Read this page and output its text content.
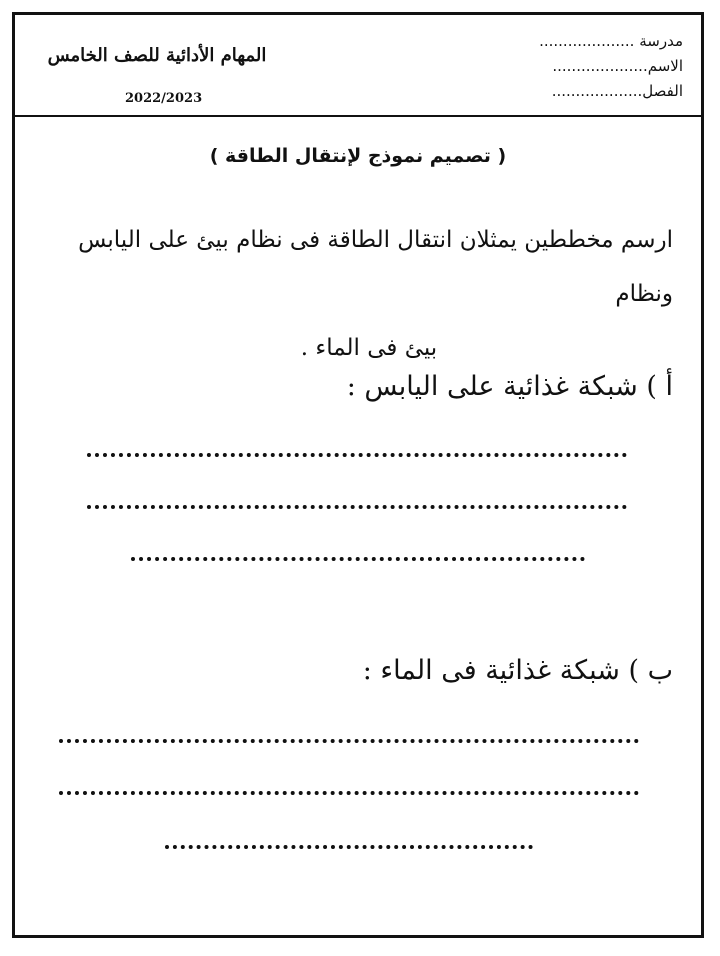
مدرسة ....................
الاسم....................
الفصل...................
المهام الأدائية للصف الخامس
2022/2023
( تصميم نموذج لإنتقال الطاقة )
ارسم مخططين يمثلان انتقال الطاقة فى نظام بيئ على اليابس ونظام
بيئ فى الماء .
أ ) شبكة غذائية على اليابس :
ب ) شبكة غذائية فى الماء :
